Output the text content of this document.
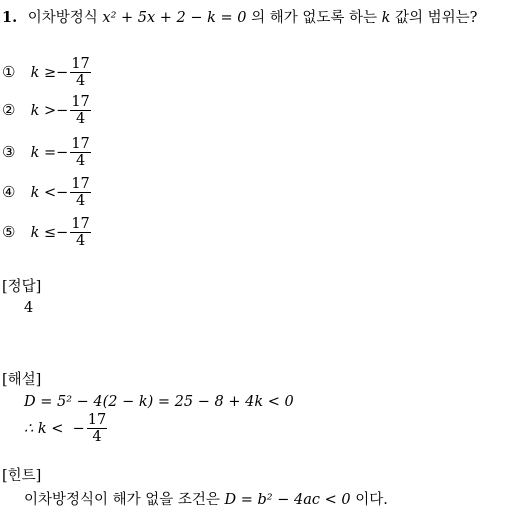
1. 이차방정식 x² + 5x + 2 − k = 0 의 해가 없도록 하는 k 값의 범위는?
① k
≥ − $\frac{17}{4}$
② k
> − $\frac{17}{4}$
③ k
= − $\frac{17}{4}$
④ k
< − $\frac{17}{4}$
⑤ k
≤ − $\frac{17}{4}$
[정답]
4
[해설]
D = 5² − 4(2 − k) = 25 − 8 + 4k < 0
∴ k <
− $\frac{17}{4}$
[힌트]
이차방정식이 해가 없을 조건은 D = b² − 4ac < 0 이다.
